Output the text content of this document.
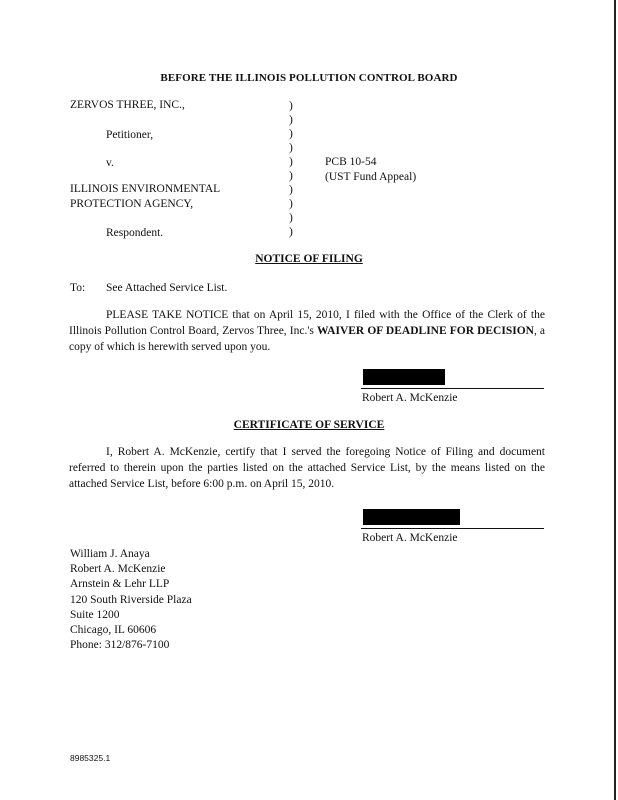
BEFORE THE ILLINOIS POLLUTION CONTROL BOARD
ZERVOS THREE, INC.,
Petitioner,
v.
ILLINOIS ENVIRONMENTAL
PROTECTION AGENCY,
Respondent.
)
)
)
)
)
)
)
)
)
)
PCB 10-54
(UST Fund Appeal)
NOTICE OF FILING
To: See Attached Service List.
PLEASE TAKE NOTICE that on April 15, 2010, I filed with the Office of the Clerk of the Illinois Pollution Control Board, Zervos Three, Inc.'s WAIVER OF DEADLINE FOR DECISION, a copy of which is herewith served upon you.
Robert A. McKenzie
CERTIFICATE OF SERVICE
I, Robert A. McKenzie, certify that I served the foregoing Notice of Filing and document referred to therein upon the parties listed on the attached Service List, by the means listed on the attached Service List, before 6:00 p.m. on April 15, 2010.
Robert A. McKenzie
William J. Anaya
Robert A. McKenzie
Arnstein & Lehr LLP
120 South Riverside Plaza
Suite 1200
Chicago, IL 60606
Phone: 312/876-7100
8985325.1
